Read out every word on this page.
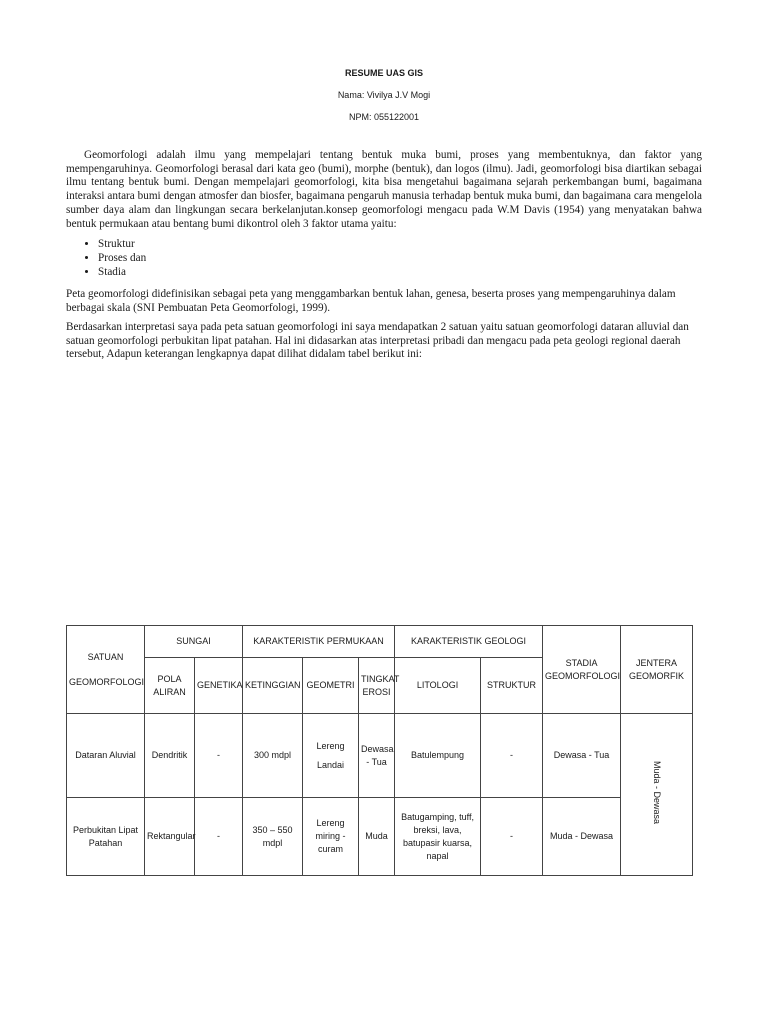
RESUME UAS GIS
Nama: Vivilya J.V Mogi
NPM: 055122001

Geomorfologi adalah ilmu yang mempelajari tentang bentuk muka bumi, proses yang membentuknya, dan faktor yang mempengaruhinya. Geomorfologi berasal dari kata geo (bumi), morphe (bentuk), dan logos (ilmu). Jadi, geomorfologi bisa diartikan sebagai ilmu tentang bentuk bumi. Dengan mempelajari geomorfologi, kita bisa mengetahui bagaimana sejarah perkembangan bumi, bagaimana interaksi antara bumi dengan atmosfer dan biosfer, bagaimana pengaruh manusia terhadap bentuk muka bumi, dan bagaimana cara mengelola sumber daya alam dan lingkungan secara berkelanjutan.konsep geomorfologi mengacu pada W.M Davis (1954) yang menyatakan bahwa bentuk permukaan atau bentang bumi dikontrol oleh 3 faktor utama yaitu:

• Struktur
• Proses dan
• Stadia

Peta geomorfologi didefinisikan sebagai peta yang menggambarkan bentuk lahan, genesa, beserta proses yang mempengaruhinya dalam berbagai skala (SNI Pembuatan Peta Geomorfologi, 1999).

Berdasarkan interpretasi saya pada peta satuan geomorfologi ini saya mendapatkan 2 satuan yaitu satuan geomorfologi dataran alluvial dan satuan geomorfologi perbukitan lipat patahan. Hal ini didasarkan atas interpretasi pribadi dan mengacu pada peta geologi regional daerah tersebut, Adapun keterangan lengkapnya dapat dilihat didalam tabel berikut ini:

SATUAN
GEOMORFOLOGI	SUNGAI		KARAKTERISTIK PERMUKAAN			KARAKTERISTIK GEOLOGI		STADIA GEOMORFOLOGI	JENTERA GEOMORFIK
	POLA ALIRAN	GENETIKA	KETINGGIAN	GEOMETRI	TINGKAT EROSI	LITOLOGI	STRUKTUR		
Dataran Aluvial	Dendritik	-	300 mdpl	Lereng
Landai	Dewasa - Tua	Batulempung	-	Dewasa - Tua	Muda - Dewasa
Perbukitan Lipat Patahan	Rektangular	-	350 – 550 mdpl	Lereng miring - curam	Muda	Batugamping, tuff, breksi, lava, batupasir kuarsa, napal	-	Muda - Dewasa	
